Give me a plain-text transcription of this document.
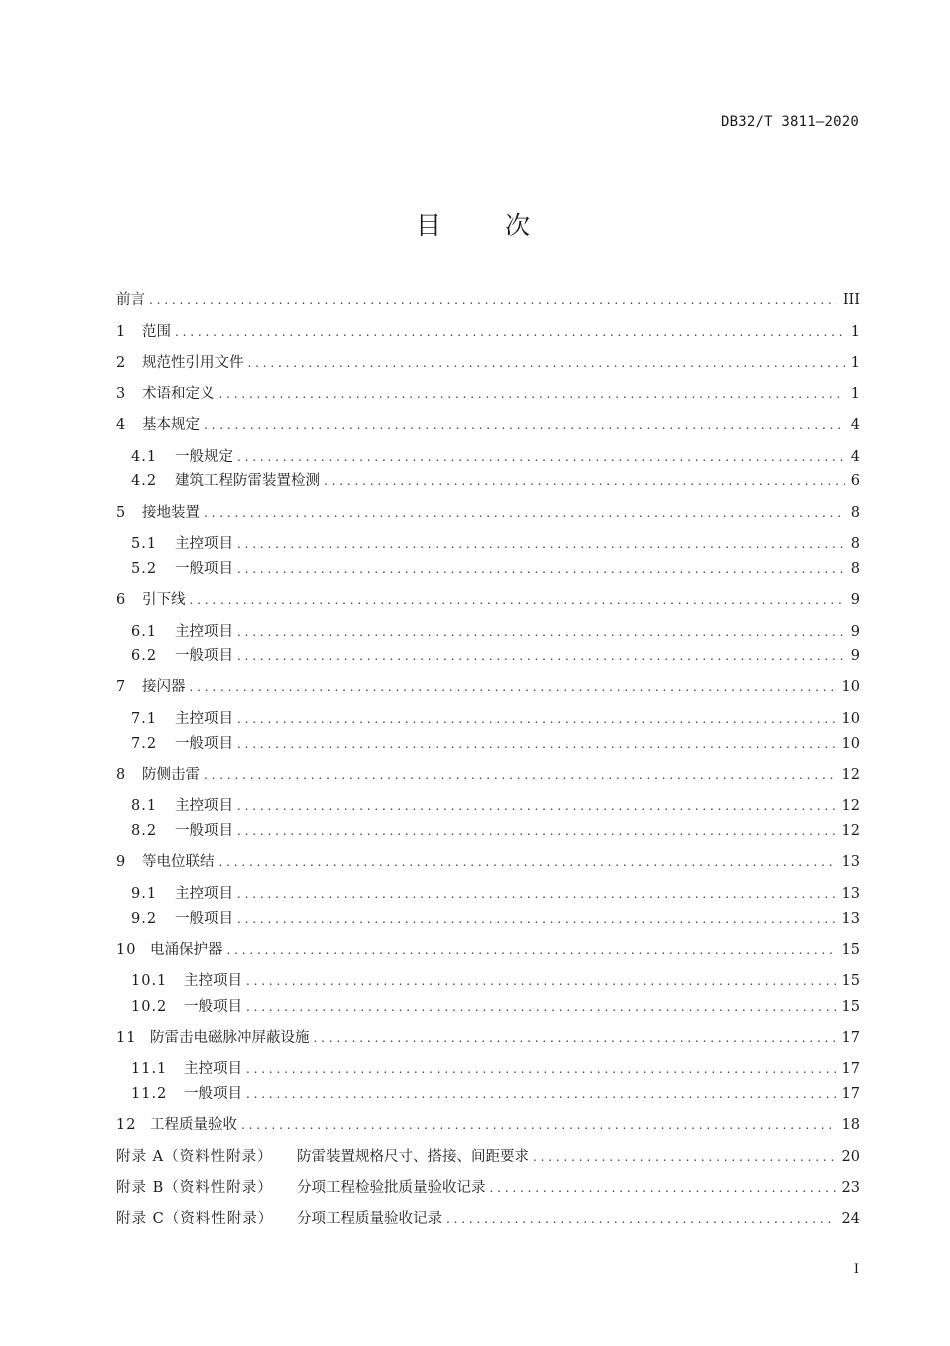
DB32/T 3811—2020
目 次
前言 . . .	III
1	范围 . . .	1
2	规范性引用文件 . . .	1
3	术语和定义 . . .	1
4	基本规定 . . .	4
4.1	一般规定 . . .	4
4.2	建筑工程防雷装置检测 . . .	6
5	接地装置 . . .	8
5.1	主控项目 . . .	8
5.2	一般项目 . . .	8
6	引下线 . . .	9
6.1	主控项目 . . .	9
6.2	一般项目 . . .	9
7	接闪器 . . .	10
7.1	主控项目 . . .	10
7.2	一般项目 . . .	10
8	防侧击雷 . . .	12
8.1	主控项目 . . .	12
8.2	一般项目 . . .	12
9	等电位联结 . . .	13
9.1	主控项目 . . .	13
9.2	一般项目 . . .	13
10 电涌保护器 . . .	15
10.1	主控项目 . . .	15
10.2	一般项目 . . .	15
11 防雷击电磁脉冲屏蔽设施 . . .	17
11.1	主控项目 . . .	17
11.2	一般项目 . . .	17
12 工程质量验收 . . .	18
附录 A（资料性附录）	防雷装置规格尺寸、搭接、间距要求 . . .	20
附录 B（资料性附录）	分项工程检验批质量验收记录 . . .	23
附录 C（资料性附录）	分项工程质量验收记录 . . .	24
I
